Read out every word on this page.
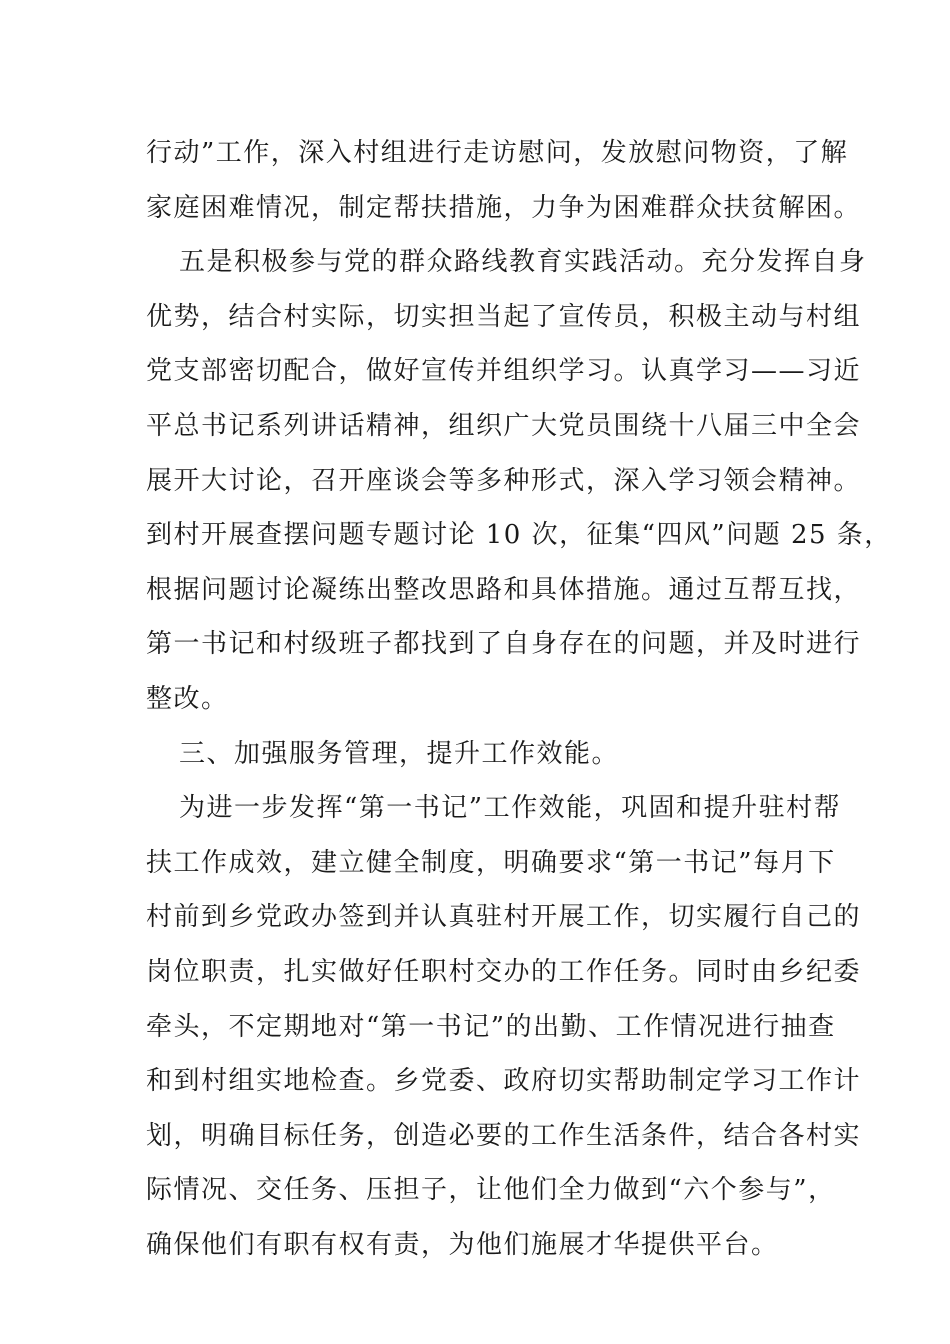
行动”工作，深入村组进行走访慰问，发放慰问物资，了解
家庭困难情况，制定帮扶措施，力争为困难群众扶贫解困。
五是积极参与党的群众路线教育实践活动。充分发挥自身
优势，结合村实际，切实担当起了宣传员，积极主动与村组
党支部密切配合，做好宣传并组织学习。认真学习——习近
平总书记系列讲话精神，组织广大党员围绕十八届三中全会
展开大讨论，召开座谈会等多种形式，深入学习领会精神。
到村开展查摆问题专题讨论 10 次，征集“四风”问题 25 条，
根据问题讨论凝练出整改思路和具体措施。通过互帮互找，
第一书记和村级班子都找到了自身存在的问题，并及时进行
整改。
三、加强服务管理，提升工作效能。
为进一步发挥“第一书记”工作效能，巩固和提升驻村帮
扶工作成效，建立健全制度，明确要求“第一书记”每月下
村前到乡党政办签到并认真驻村开展工作，切实履行自己的
岗位职责，扎实做好任职村交办的工作任务。同时由乡纪委
牵头，不定期地对“第一书记”的出勤、工作情况进行抽查
和到村组实地检查。乡党委、政府切实帮助制定学习工作计
划，明确目标任务，创造必要的工作生活条件，结合各村实
际情况、交任务、压担子，让他们全力做到“六个参与”，
确保他们有职有权有责，为他们施展才华提供平台。
